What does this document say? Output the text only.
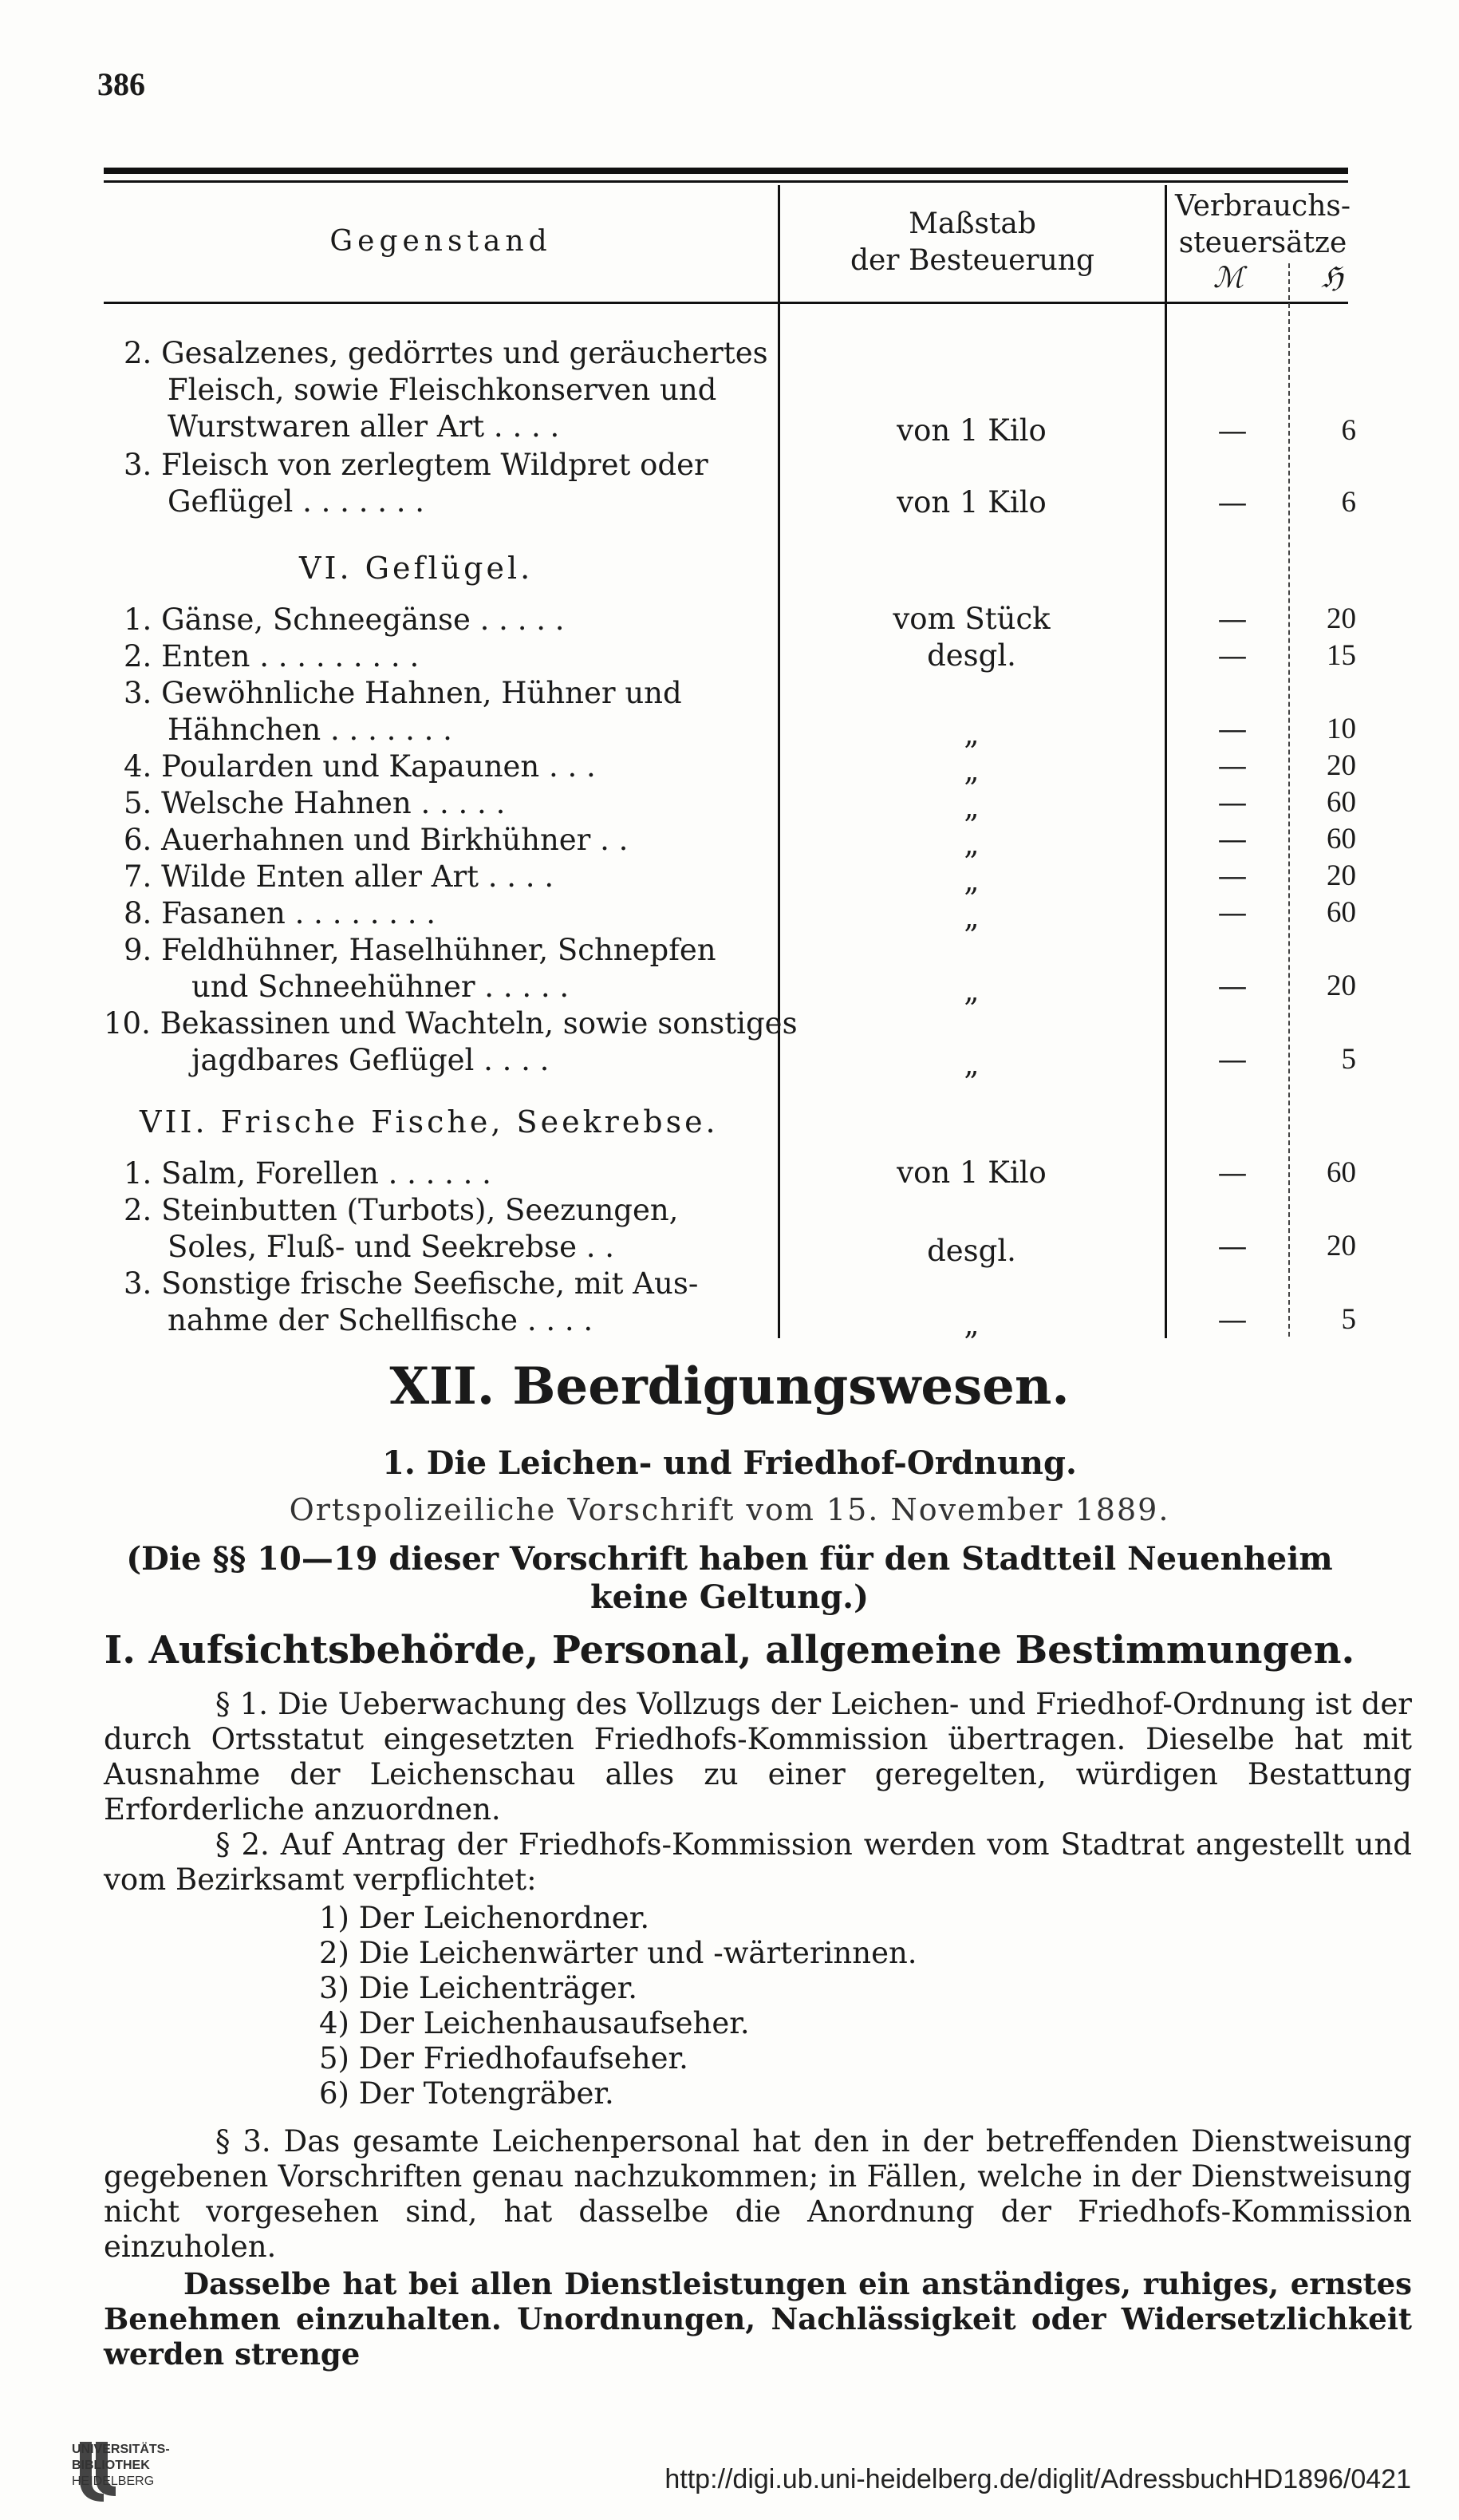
386
Gegenstand
Maßstab
der Besteuerung
Verbrauchs-
steuersätze
ℳ	ℌ
2. Gesalzenes, gedörrtes und geräuchertes
Fleisch, sowie Fleischkonserven und
Wurstwaren aller Art . . . .	von 1 Kilo	—	6
3. Fleisch von zerlegtem Wildpret oder
Geflügel . . . . . . .	von 1 Kilo	—	6
VI. Geflügel.
1. Gänse, Schneegänse . . . . .	vom Stück	—	20
2. Enten . . . . . . . . .	desgl.	—	15
3. Gewöhnliche Hahnen, Hühner und
Hähnchen . . . . . . .	„	—	10
4. Poularden und Kapaunen . . .	„	—	20
5. Welsche Hahnen . . . . .	„	—	60
6. Auerhahnen und Birkhühner . .	„	—	60
7. Wilde Enten aller Art . . . .	„	—	20
8. Fasanen . . . . . . . .	„	—	60
9. Feldhühner, Haselhühner, Schnepfen
und Schneehühner . . . . .	„	—	20
10. Bekassinen und Wachteln, sowie sonstiges
jagdbares Geflügel . . . .	„	—	5
VII. Frische Fische, Seekrebse.
1. Salm, Forellen . . . . . .	von 1 Kilo	—	60
2. Steinbutten (Turbots), Seezungen,
Soles, Fluß- und Seekrebse . .	desgl.	—	20
3. Sonstige frische Seefische, mit Aus-
nahme der Schellfische . . . .	„	—	5
XII. Beerdigungswesen.
1. Die Leichen- und Friedhof-Ordnung.
Ortspolizeiliche Vorschrift vom 15. November 1889.
(Die §§ 10—19 dieser Vorschrift haben für den Stadtteil Neuenheim
keine Geltung.)
I. Aufsichtsbehörde, Personal, allgemeine Bestimmungen.
§ 1. Die Ueberwachung des Vollzugs der Leichen- und Friedhof-Ordnung ist der durch Ortsstatut eingesetzten Friedhofs-Kommission übertragen. Dieselbe hat mit Ausnahme der Leichenschau alles zu einer geregelten, würdigen Bestattung Erforderliche anzuordnen.
§ 2. Auf Antrag der Friedhofs-Kommission werden vom Stadtrat angestellt und vom Bezirksamt verpflichtet:
1) Der Leichenordner.
2) Die Leichenwärter und -wärterinnen.
3) Die Leichenträger.
4) Der Leichenhausaufseher.
5) Der Friedhofaufseher.
6) Der Totengräber.
§ 3. Das gesamte Leichenpersonal hat den in der betreffenden Dienstweisung gegebenen Vorschriften genau nachzukommen; in Fällen, welche in der Dienstweisung nicht vorgesehen sind, hat dasselbe die Anordnung der Friedhofs-Kommission einzuholen.
Dasselbe hat bei allen Dienstleistungen ein anständiges, ruhiges, ernstes Benehmen einzuhalten. Unordnungen, Nachlässigkeit oder Widersetzlichkeit werden strenge
UNIVERSITÄTS-
BIBLIOTHEK
HEIDELBERG	http://digi.ub.uni-heidelberg.de/diglit/AdressbuchHD1896/0421
